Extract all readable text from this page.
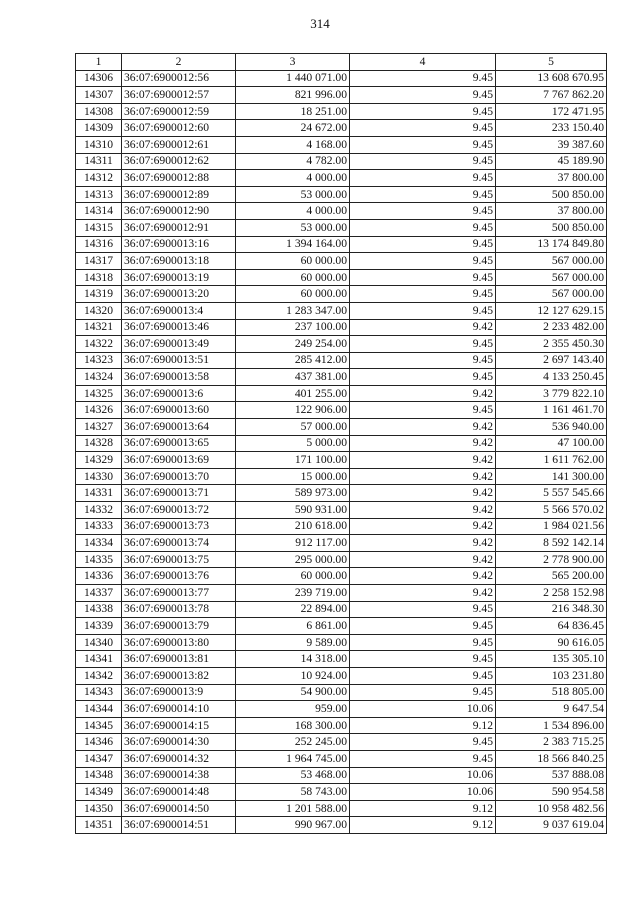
314
1	2	3	4	5
14306	36:07:6900012:56	1 440 071.00	9.45	13 608 670.95
14307	36:07:6900012:57	821 996.00	9.45	7 767 862.20
14308	36:07:6900012:59	18 251.00	9.45	172 471.95
14309	36:07:6900012:60	24 672.00	9.45	233 150.40
14310	36:07:6900012:61	4 168.00	9.45	39 387.60
14311	36:07:6900012:62	4 782.00	9.45	45 189.90
14312	36:07:6900012:88	4 000.00	9.45	37 800.00
14313	36:07:6900012:89	53 000.00	9.45	500 850.00
14314	36:07:6900012:90	4 000.00	9.45	37 800.00
14315	36:07:6900012:91	53 000.00	9.45	500 850.00
14316	36:07:6900013:16	1 394 164.00	9.45	13 174 849.80
14317	36:07:6900013:18	60 000.00	9.45	567 000.00
14318	36:07:6900013:19	60 000.00	9.45	567 000.00
14319	36:07:6900013:20	60 000.00	9.45	567 000.00
14320	36:07:6900013:4	1 283 347.00	9.45	12 127 629.15
14321	36:07:6900013:46	237 100.00	9.42	2 233 482.00
14322	36:07:6900013:49	249 254.00	9.45	2 355 450.30
14323	36:07:6900013:51	285 412.00	9.45	2 697 143.40
14324	36:07:6900013:58	437 381.00	9.45	4 133 250.45
14325	36:07:6900013:6	401 255.00	9.42	3 779 822.10
14326	36:07:6900013:60	122 906.00	9.45	1 161 461.70
14327	36:07:6900013:64	57 000.00	9.42	536 940.00
14328	36:07:6900013:65	5 000.00	9.42	47 100.00
14329	36:07:6900013:69	171 100.00	9.42	1 611 762.00
14330	36:07:6900013:70	15 000.00	9.42	141 300.00
14331	36:07:6900013:71	589 973.00	9.42	5 557 545.66
14332	36:07:6900013:72	590 931.00	9.42	5 566 570.02
14333	36:07:6900013:73	210 618.00	9.42	1 984 021.56
14334	36:07:6900013:74	912 117.00	9.42	8 592 142.14
14335	36:07:6900013:75	295 000.00	9.42	2 778 900.00
14336	36:07:6900013:76	60 000.00	9.42	565 200.00
14337	36:07:6900013:77	239 719.00	9.42	2 258 152.98
14338	36:07:6900013:78	22 894.00	9.45	216 348.30
14339	36:07:6900013:79	6 861.00	9.45	64 836.45
14340	36:07:6900013:80	9 589.00	9.45	90 616.05
14341	36:07:6900013:81	14 318.00	9.45	135 305.10
14342	36:07:6900013:82	10 924.00	9.45	103 231.80
14343	36:07:6900013:9	54 900.00	9.45	518 805.00
14344	36:07:6900014:10	959.00	10.06	9 647.54
14345	36:07:6900014:15	168 300.00	9.12	1 534 896.00
14346	36:07:6900014:30	252 245.00	9.45	2 383 715.25
14347	36:07:6900014:32	1 964 745.00	9.45	18 566 840.25
14348	36:07:6900014:38	53 468.00	10.06	537 888.08
14349	36:07:6900014:48	58 743.00	10.06	590 954.58
14350	36:07:6900014:50	1 201 588.00	9.12	10 958 482.56
14351	36:07:6900014:51	990 967.00	9.12	9 037 619.04
